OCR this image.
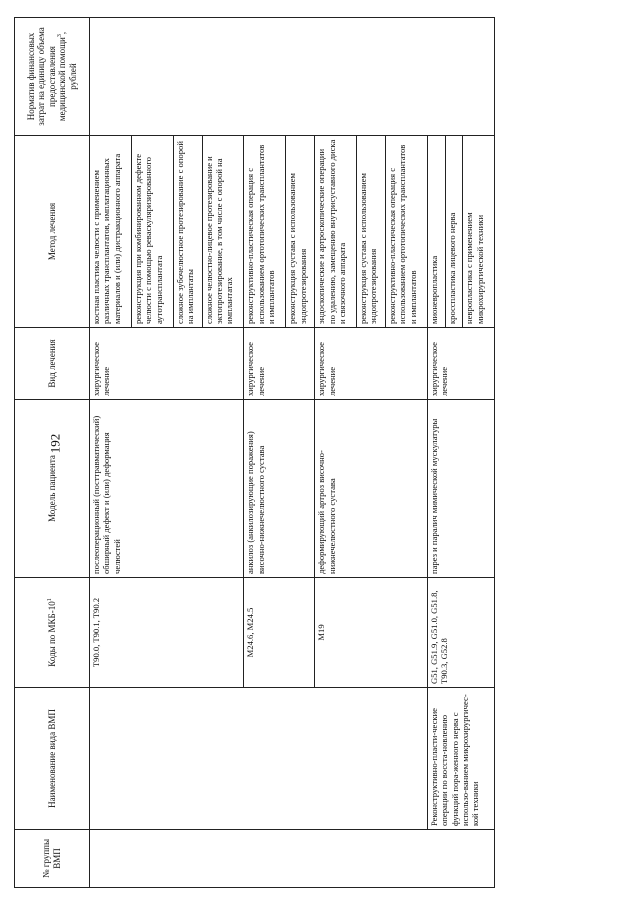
192
№ группы ВМП	Наименование вида ВМП	Коды по МКБ-$10^1$	Модель пациента	Вид лечения	Метод лечения	Норматив финансовых затрат на единицу объема предоставления медицинской помощи$^3$, рублей
		T90.0, T90.1, T90.2	послеоперационный (посттравматический) обширный дефект и (или) деформация челюстей	хирургическое лечение	костная пластика челюсти с применением различных трансплантатов, имплатационных материалов и (или) дистракционного аппарата	
					реконструкция при комбинированном дефекте челюсти с помощью реваскуляризированного аутотрансплантата	
					сложное зубочелюстное протезирование с опорой на имплантаты	
					сложное челюстно-лицевое протезирование и эктопротезирование, в том числе с опорой на имплантатах	
		M24.6, M24.5	анкилоз (анкилозирующие поражения) височно-нижнечелюстного сустава	хирургическое лечение	реконструктивно-пластическая операция с использованием ортотопических трансплантатов и имплантатов	
					реконструкция сустава с использованием эндопротезирования	
		M19	деформирующий артроз височно-нижнечелюстного сустава	хирургическое лечение	эндоскопические и артроскопические операции по удалению, замещению внутрисуставного диска и связочного аппарата	
					реконструкция сустава с использованием эндопротезирования	
					реконструктивно-пластическая операция с использованием ортотопических трансплантатов и имплантатов	
	Реконструктивно-пласти-ческие операции по восста-новлению функций пора-женного нерва с использо-ванием микрохирургичес-кой техники	G51, G51.9, G51.0, G51.8, T90.3, G52.8	парез и паралич мимической мускулатуры	хирургическое лечение	мионевропластика	
					кросспластика лицевого нерва	
					невропластика с применением микрохирургической техники	
